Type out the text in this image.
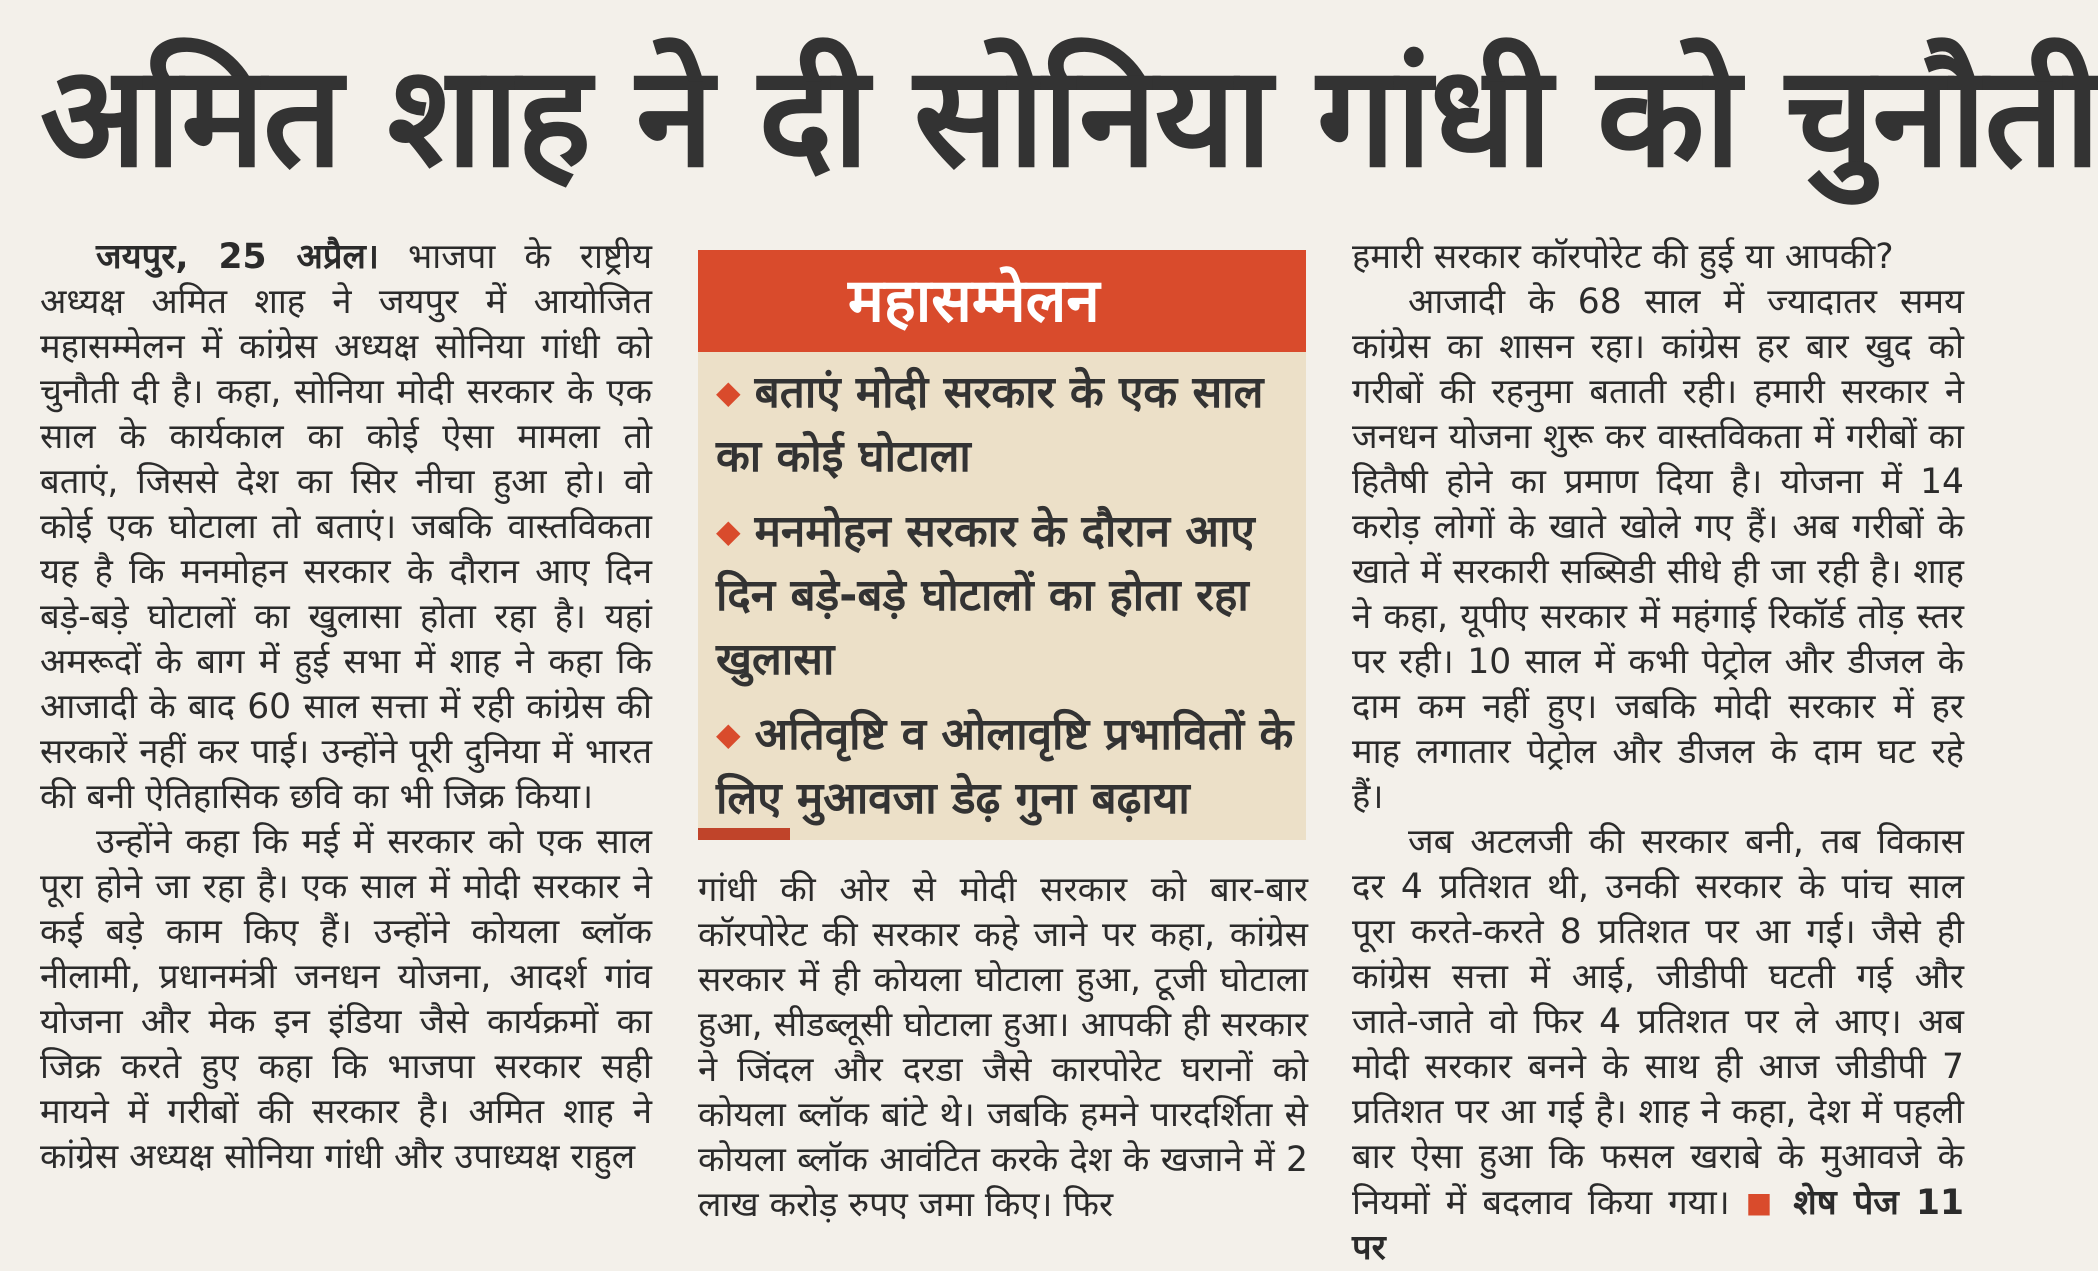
अमित शाह ने दी सोनिया गांधी को चुनौती

जयपुर, 25 अप्रैल। भाजपा के राष्ट्रीय अध्यक्ष अमित शाह ने जयपुर में आयोजित महासम्मेलन में कांग्रेस अध्यक्ष सोनिया गांधी को चुनौती दी है। कहा, सोनिया मोदी सरकार के एक साल के कार्यकाल का कोई ऐसा मामला तो बताएं, जिससे देश का सिर नीचा हुआ हो। वो कोई एक घोटाला तो बताएं। जबकि वास्तविकता यह है कि मनमोहन सरकार के दौरान आए दिन बड़े-बड़े घोटालों का खुलासा होता रहा है। यहां अमरूदों के बाग में हुई सभा में शाह ने कहा कि आजादी के बाद 60 साल सत्ता में रही कांग्रेस की सरकारें नहीं कर पाई। उन्होंने पूरी दुनिया में भारत की बनी ऐतिहासिक छवि का भी जिक्र किया।

उन्होंने कहा कि मई में सरकार को एक साल पूरा होने जा रहा है। एक साल में मोदी सरकार ने कई बड़े काम किए हैं। उन्होंने कोयला ब्लॉक नीलामी, प्रधानमंत्री जनधन योजना, आदर्श गांव योजना और मेक इन इंडिया जैसे कार्यक्रमों का जिक्र करते हुए कहा कि भाजपा सरकार सही मायने में गरीबों की सरकार है। अमित शाह ने कांग्रेस अध्यक्ष सोनिया गांधी और उपाध्यक्ष राहुल

महासम्मेलन
◆ बताएं मोदी सरकार के एक साल का कोई घोटाला
◆ मनमोहन सरकार के दौरान आए दिन बड़े-बड़े घोटालों का होता रहा खुलासा
◆ अतिवृष्टि व ओलावृष्टि प्रभावितों के लिए मुआवजा डेढ़ गुना बढ़ाया

गांधी की ओर से मोदी सरकार को बार-बार कॉरपोरेट की सरकार कहे जाने पर कहा, कांग्रेस सरकार में ही कोयला घोटाला हुआ, टूजी घोटाला हुआ, सीडब्लूसी घोटाला हुआ। आपकी ही सरकार ने जिंदल और दरडा जैसे कारपोरेट घरानों को कोयला ब्लॉक बांटे थे। जबकि हमने पारदर्शिता से कोयला ब्लॉक आवंटित करके देश के खजाने में 2 लाख करोड़ रुपए जमा किए। फिर

हमारी सरकार कॉरपोरेट की हुई या आपकी?

आजादी के 68 साल में ज्यादातर समय कांग्रेस का शासन रहा। कांग्रेस हर बार खुद को गरीबों की रहनुमा बताती रही। हमारी सरकार ने जनधन योजना शुरू कर वास्तविकता में गरीबों का हितैषी होने का प्रमाण दिया है। योजना में 14 करोड़ लोगों के खाते खोले गए हैं। अब गरीबों के खाते में सरकारी सब्सिडी सीधे ही जा रही है। शाह ने कहा, यूपीए सरकार में महंगाई रिकॉर्ड तोड़ स्तर पर रही। 10 साल में कभी पेट्रोल और डीजल के दाम कम नहीं हुए। जबकि मोदी सरकार में हर माह लगातार पेट्रोल और डीजल के दाम घट रहे हैं।

जब अटलजी की सरकार बनी, तब विकास दर 4 प्रतिशत थी, उनकी सरकार के पांच साल पूरा करते-करते 8 प्रतिशत पर आ गई। जैसे ही कांग्रेस सत्ता में आई, जीडीपी घटती गई और जाते-जाते वो फिर 4 प्रतिशत पर ले आए। अब मोदी सरकार बनने के साथ ही आज जीडीपी 7 प्रतिशत पर आ गई है। शाह ने कहा, देश में पहली बार ऐसा हुआ कि फसल खराबे के मुआवजे के नियमों में बदलाव किया गया। ■ शेष पेज 11 पर
